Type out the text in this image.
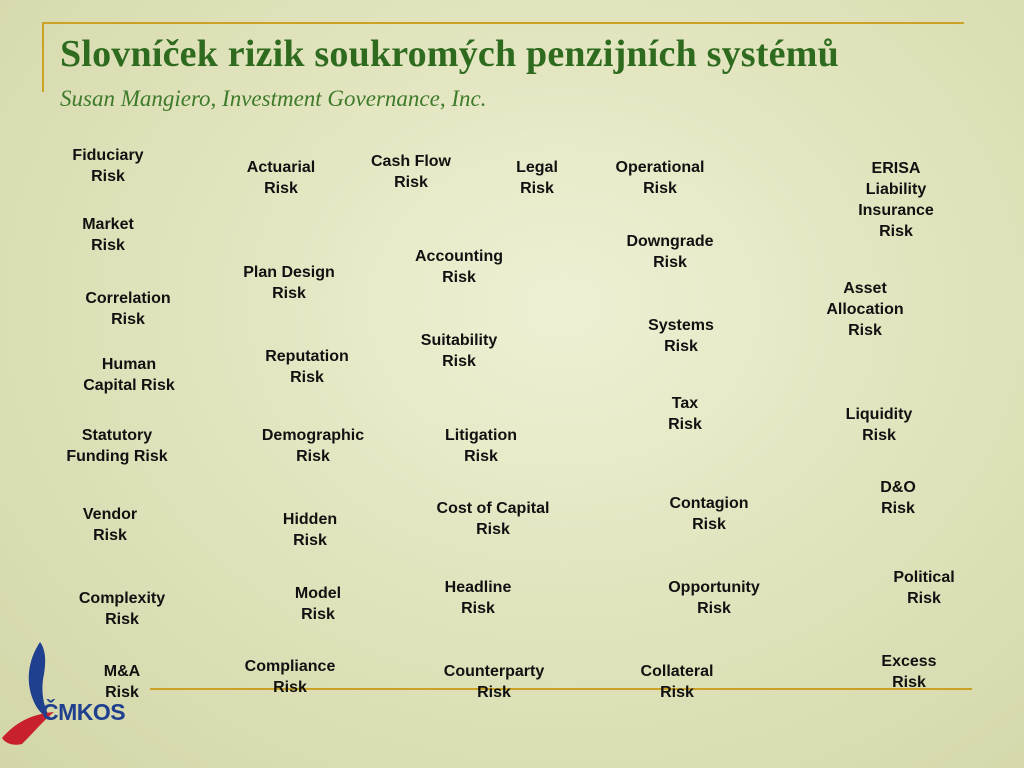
Slovníček rizik soukromých penzijních systémů
Susan Mangiero, Investment Governance, Inc.
Fiduciary
Risk
Market
Risk
Correlation
Risk
Human
Capital Risk
Statutory
Funding Risk
Vendor
Risk
Complexity
Risk
M&A
Risk
Actuarial
Risk
Plan Design
Risk
Reputation
Risk
Demographic
Risk
Hidden
Risk
Model
Risk
Compliance
Risk
Cash Flow
Risk
Accounting
Risk
Suitability
Risk
Litigation
Risk
Cost of Capital
Risk
Headline
Risk
Counterparty
Risk
Legal
Risk
Operational
Risk
Downgrade
Risk
Systems
Risk
Tax
Risk
Contagion
Risk
Opportunity
Risk
Collateral
Risk
ERISA
Liability
Insurance
Risk
Asset
Allocation
Risk
Liquidity
Risk
D&O
Risk
Political
Risk
Excess
Risk
ČMKOS
